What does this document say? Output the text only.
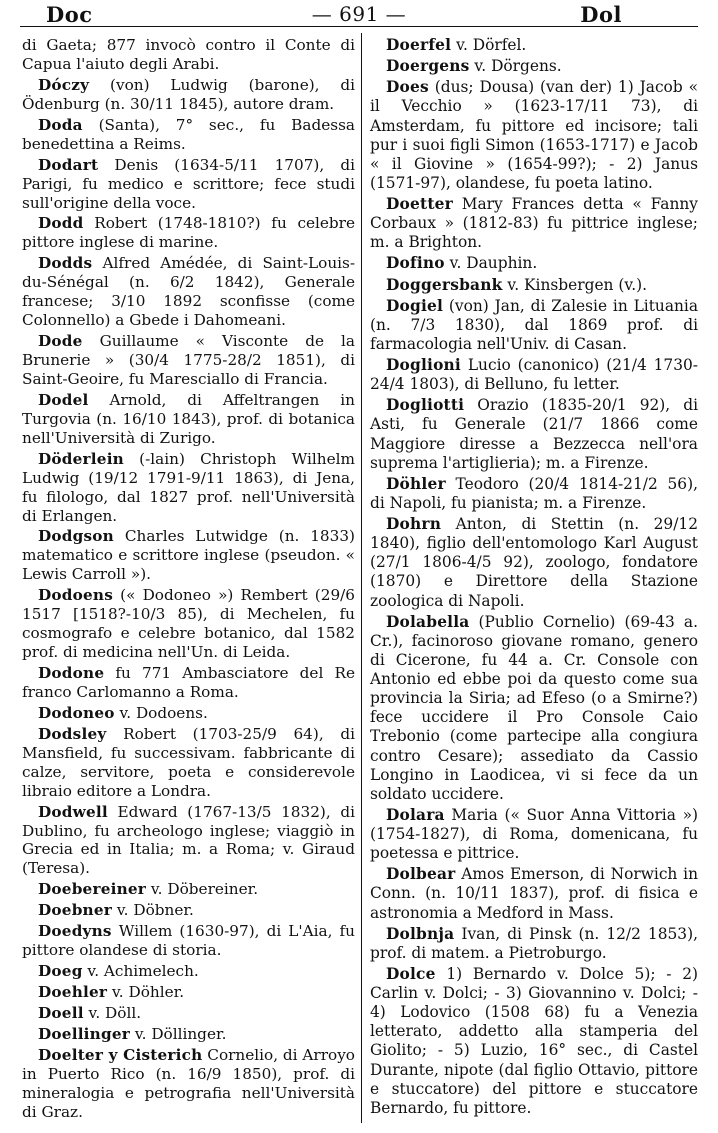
Doc	— 691 —	Dol

di Gaeta; 877 invocò contro il Conte di Capua l'aiuto degli Arabi.

Dóczy (von) Ludwig (barone), di Ödenburg (n. 30/11 1845), autore dram.

Doda (Santa), 7° sec., fu Badessa benedettina a Reims.

Dodart Denis (1634-5/11 1707), di Parigi, fu medico e scrittore; fece studi sull'origine della voce.

Dodd Robert (1748-1810?) fu celebre pittore inglese di marine.

Dodds Alfred Amédée, di Saint-Louis-du-Sénégal (n. 6/2 1842), Generale francese; 3/10 1892 sconfisse (come Colonnello) a Gbede i Dahomeani.

Dode Guillaume « Visconte de la Brunerie » (30/4 1775-28/2 1851), di Saint-Geoire, fu Maresciallo di Francia.

Dodel Arnold, di Affeltrangen in Turgovia (n. 16/10 1843), prof. di botanica nell'Università di Zurigo.

Döderlein (-lain) Christoph Wilhelm Ludwig (19/12 1791-9/11 1863), di Jena, fu filologo, dal 1827 prof. nell'Università di Erlangen.

Dodgson Charles Lutwidge (n. 1833) matematico e scrittore inglese (pseudon. « Lewis Carroll »).

Dodoens (« Dodoneo ») Rembert (29/6 1517 [1518?-10/3 85), di Mechelen, fu cosmografo e celebre botanico, dal 1582 prof. di medicina nell'Un. di Leida.

Dodone fu 771 Ambasciatore del Re franco Carlomanno a Roma.

Dodoneo v. Dodoens.

Dodsley Robert (1703-25/9 64), di Mansfield, fu successivam. fabbricante di calze, servitore, poeta e considerevole libraio editore a Londra.

Dodwell Edward (1767-13/5 1832), di Dublino, fu archeologo inglese; viaggiò in Grecia ed in Italia; m. a Roma; v. Giraud (Teresa).

Doebereiner v. Döbereiner.

Doebner v. Döbner.

Doedyns Willem (1630-97), di L'Aia, fu pittore olandese di storia.

Doeg v. Achimelech.

Doehler v. Döhler.

Doell v. Döll.

Doellinger v. Döllinger.

Doelter y Cisterich Cornelio, di Arroyo in Puerto Rico (n. 16/9 1850), prof. di mineralogia e petrografia nell'Università di Graz.

Doerfel v. Dörfel.

Doergens v. Dörgens.

Does (dus; Dousa) (van der) 1) Jacob « il Vecchio » (1623-17/11 73), di Amsterdam, fu pittore ed incisore; tali pur i suoi figli Simon (1653-1717) e Jacob « il Giovine » (1654-99?); - 2) Janus (1571-97), olandese, fu poeta latino.

Doetter Mary Frances detta « Fanny Corbaux » (1812-83) fu pittrice inglese; m. a Brighton.

Dofino v. Dauphin.

Doggersbank v. Kinsbergen (v.).

Dogiel (von) Jan, di Zalesie in Lituania (n. 7/3 1830), dal 1869 prof. di farmacologia nell'Univ. di Casan.

Doglioni Lucio (canonico) (21/4 1730-24/4 1803), di Belluno, fu letter.

Dogliotti Orazio (1835-20/1 92), di Asti, fu Generale (21/7 1866 come Maggiore diresse a Bezzecca nell'ora suprema l'artiglieria); m. a Firenze.

Döhler Teodoro (20/4 1814-21/2 56), di Napoli, fu pianista; m. a Firenze.

Dohrn Anton, di Stettin (n. 29/12 1840), figlio dell'entomologo Karl August (27/1 1806-4/5 92), zoologo, fondatore (1870) e Direttore della Stazione zoologica di Napoli.

Dolabella (Publio Cornelio) (69-43 a. Cr.), facinoroso giovane romano, genero di Cicerone, fu 44 a. Cr. Console con Antonio ed ebbe poi da questo come sua provincia la Siria; ad Efeso (o a Smirne?) fece uccidere il Pro Console Caio Trebonio (come partecipe alla congiura contro Cesare); assediato da Cassio Longino in Laodicea, vi si fece da un soldato uccidere.

Dolara Maria (« Suor Anna Vittoria ») (1754-1827), di Roma, domenicana, fu poetessa e pittrice.

Dolbear Amos Emerson, di Norwich in Conn. (n. 10/11 1837), prof. di fisica e astronomia a Medford in Mass.

Dolbnja Ivan, di Pinsk (n. 12/2 1853), prof. di matem. a Pietroburgo.

Dolce 1) Bernardo v. Dolce 5); - 2) Carlin v. Dolci; - 3) Giovannino v. Dolci; - 4) Lodovico (1508 68) fu a Venezia letterato, addetto alla stamperia del Giolito; - 5) Luzio, 16° sec., di Castel Durante, nipote (dal figlio Ottavio, pittore e stuccatore) del pittore e stuccatore Bernardo, fu pittore.
